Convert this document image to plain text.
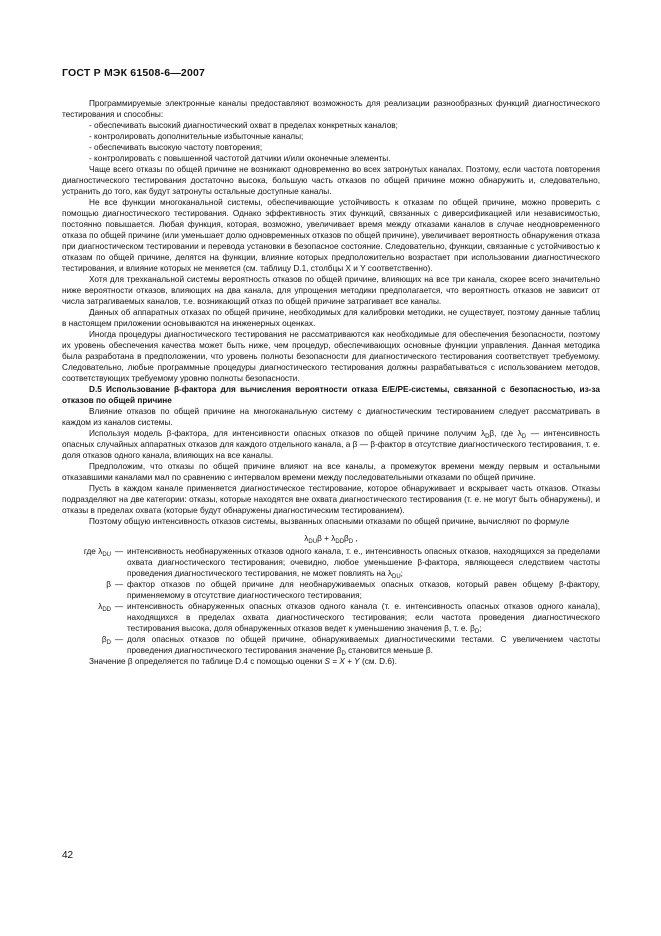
ГОСТ Р МЭК 61508-6—2007

Программируемые электронные каналы предоставляют возможность для реализации разнообразных функций диагностического тестирования и способны:

- обеспечивать высокий диагностический охват в пределах конкретных каналов;
- контролировать дополнительные избыточные каналы;
- обеспечивать высокую частоту повторения;
- контролировать с повышенной частотой датчики и/или оконечные элементы.

Чаще всего отказы по общей причине не возникают одновременно во всех затронутых каналах. Поэтому, если частота повторения диагностического тестирования достаточно высока, большую часть отказов по общей причине можно обнаружить и, следовательно, устранить до того, как будут затронуты остальные доступные каналы.

Не все функции многоканальной системы, обеспечивающие устойчивость к отказам по общей причине, можно проверить с помощью диагностического тестирования. Однако эффективность этих функций, связанных с диверсификацией или независимостью, постоянно повышается. Любая функция, которая, возможно, увеличивает время между отказами каналов в случае неодновременного отказа по общей причине (или уменьшает долю одновременных отказов по общей причине), увеличивает вероятность обнаружения отказа при диагностическом тестировании и перевода установки в безопасное состояние. Следовательно, функции, связанные с устойчивостью к отказам по общей причине, делятся на функции, влияние которых предположительно возрастает при использовании диагностического тестирования, и влияние которых не меняется (см. таблицу D.1, столбцы X и Y соответственно).

Хотя для трехканальной системы вероятность отказов по общей причине, влияющих на все три канала, скорее всего значительно ниже вероятности отказов, влияющих на два канала, для упрощения методики предполагается, что вероятность отказов не зависит от числа затрагиваемых каналов, т.е. возникающий отказ по общей причине затрагивает все каналы.

Данных об аппаратных отказах по общей причине, необходимых для калибровки методики, не существует, поэтому данные таблиц в настоящем приложении основываются на инженерных оценках.

Иногда процедуры диагностического тестирования не рассматриваются как необходимые для обеспечения безопасности, поэтому их уровень обеспечения качества может быть ниже, чем процедур, обеспечивающих основные функции управления. Данная методика была разработана в предположении, что уровень полноты безопасности для диагностического тестирования соответствует требуемому. Следовательно, любые программные процедуры диагностического тестирования должны разрабатываться с использованием методов, соответствующих требуемому уровню полноты безопасности.

D.5 Использование β-фактора для вычисления вероятности отказа E/E/PE-системы, связанной с безопасностью, из-за отказов по общей причине

Влияние отказов по общей причине на многоканальную систему с диагностическим тестированием следует рассматривать в каждом из каналов системы.

Используя модель β-фактора, для интенсивности опасных отказов по общей причине получим $\lambda_D\beta$, где $\lambda_D$ — интенсивность опасных случайных аппаратных отказов для каждого отдельного канала, а β — β-фактор в отсутствие диагностического тестирования, т. е. доля отказов одного канала, влияющих на все каналы.

Предположим, что отказы по общей причине влияют на все каналы, а промежуток времени между первым и остальными отказавшими каналами мал по сравнению с интервалом времени между последовательными отказами по общей причине.

Пусть в каждом канале применяется диагностическое тестирование, которое обнаруживает и вскрывает часть отказов. Отказы подразделяют на две категории: отказы, которые находятся вне охвата диагностического тестирования (т. е. не могут быть обнаружены), и отказы в пределах охвата (которые будут обнаружены диагностическим тестированием).

Поэтому общую интенсивность отказов системы, вызванных опасными отказами по общей причине, вычисляют по формуле

$\lambda_{DU}\beta + \lambda_{DD}\beta_D$ ,

где $\lambda_{DU}$ — интенсивность необнаруженных отказов одного канала, т. е., интенсивность опасных отказов, находящихся за пределами охвата диагностического тестирования; очевидно, любое уменьшение β-фактора, являющееся следствием частоты проведения диагностического тестирования, не может повлиять на $\lambda_{DU}$;
β — фактор отказов по общей причине для необнаруживаемых опасных отказов, который равен общему β-фактору, применяемому в отсутствие диагностического тестирования;
$\lambda_{DD}$ — интенсивность обнаруженных опасных отказов одного канала (т. е. интенсивность опасных отказов одного канала), находящихся в пределах охвата диагностического тестирования; если частота проведения диагностического тестирования высока, доля обнаруженных отказов ведет к уменьшению значения β, т. е. $\beta_D$;
$\beta_D$ — доля опасных отказов по общей причине, обнаруживаемых диагностическими тестами. С увеличением частоты проведения диагностического тестирования значение $\beta_D$ становится меньше β.

Значение β определяется по таблице D.4 с помощью оценки S = X + Y (см. D.6).

42
